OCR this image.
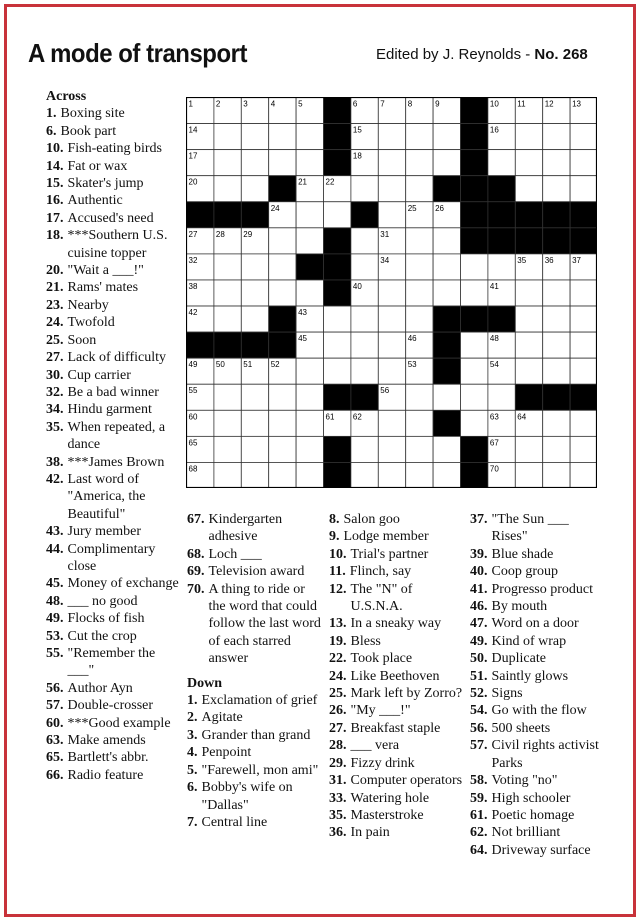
A mode of transport	Edited by J. Reynolds - No. 268
1	2	3	4	5	6	7	8	9	10 11 12 13
14	15	16
17	18	19
20	21 22	23
24	25 26
27 28 29	30	31
32	33	34	35 36 37
38	39 40	41
42	43	44
45	46 47	48
49 50 51 52	53	54
55	56	57 58 59
60	61 62	63 64
65	66	67
68	69	70
Across
1. Boxing site
6. Book part
10. Fish-eating birds
14. Fat or wax
15. Skater's jump
16. Authentic
17. Accused's need
18. ***Southern U.S. cuisine topper
20. "Wait a ___!"
21. Rams' mates
23. Nearby
24. Twofold
25. Soon
27. Lack of difficulty
30. Cup carrier
32. Be a bad winner
34. Hindu garment
35. When repeated, a dance
38. ***James Brown
42. Last word of "America, the Beautiful"
43. Jury member
44. Complimentary close
45. Money of exchange
48. ___ no good
49. Flocks of fish
53. Cut the crop
55. "Remember the ___"
56. Author Ayn
57. Double-crosser
60. ***Good example
63. Make amends
65. Bartlett's abbr.
66. Radio feature
67. Kindergarten adhesive
68. Loch ___
69. Television award
70. A thing to ride or the word that could follow the last word of each starred answer
Down
1. Exclamation of grief
2. Agitate
3. Grander than grand
4. Penpoint
5. "Farewell, mon ami"
6. Bobby's wife on "Dallas"
7. Central line
8. Salon goo
9. Lodge member
10. Trial's partner
11. Flinch, say
12. The "N" of U.S.N.A.
13. In a sneaky way
19. Bless
22. Took place
24. Like Beethoven
25. Mark left by Zorro?
26. "My ___!"
27. Breakfast staple
28. ___ vera
29. Fizzy drink
31. Computer operators
33. Watering hole
35. Masterstroke
36. In pain
37. "The Sun ___ Rises"
39. Blue shade
40. Coop group
41. Progresso product
46. By mouth
47. Word on a door
49. Kind of wrap
50. Duplicate
51. Saintly glows
52. Signs
54. Go with the flow
56. 500 sheets
57. Civil rights activist Parks
58. Voting "no"
59. High schooler
61. Poetic homage
62. Not brilliant
64. Driveway surface
